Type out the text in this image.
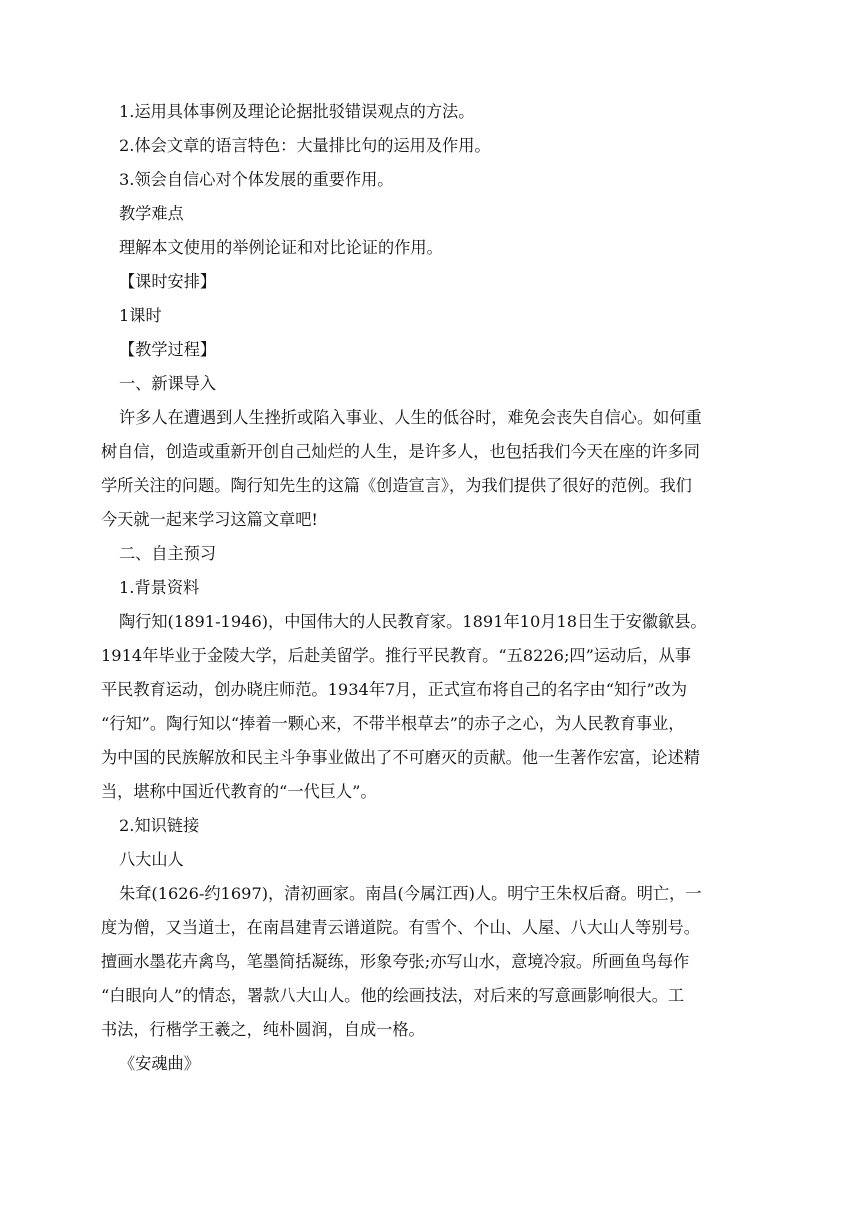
1.运用具体事例及理论论据批驳错误观点的方法。
2.体会文章的语言特色：大量排比句的运用及作用。
3.领会自信心对个体发展的重要作用。
教学难点
理解本文使用的举例论证和对比论证的作用。
【课时安排】
1课时
【教学过程】
一、新课导入
许多人在遭遇到人生挫折或陷入事业、人生的低谷时，难免会丧失自信心。如何重
树自信，创造或重新开创自己灿烂的人生，是许多人，也包括我们今天在座的许多同
学所关注的问题。陶行知先生的这篇《创造宣言》，为我们提供了很好的范例。我们
今天就一起来学习这篇文章吧!
二、自主预习
1.背景资料
陶行知(1891-1946)，中国伟大的人民教育家。1891年10月18日生于安徽歙县。
1914年毕业于金陵大学，后赴美留学。推行平民教育。“五8226;四”运动后，从事
平民教育运动，创办晓庄师范。1934年7月，正式宣布将自己的名字由“知行”改为
“行知”。陶行知以“捧着一颗心来，不带半根草去”的赤子之心，为人民教育事业，
为中国的民族解放和民主斗争事业做出了不可磨灭的贡献。他一生著作宏富，论述精
当，堪称中国近代教育的“一代巨人”。
2.知识链接
八大山人
朱耷(1626-约1697)，清初画家。南昌(今属江西)人。明宁王朱权后裔。明亡，一
度为僧，又当道士，在南昌建青云谱道院。有雪个、个山、人屋、八大山人等别号。
擅画水墨花卉禽鸟，笔墨简括凝练，形象夸张;亦写山水，意境冷寂。所画鱼鸟每作
“白眼向人”的情态，署款八大山人。他的绘画技法，对后来的写意画影响很大。工
书法，行楷学王羲之，纯朴圆润，自成一格。
《安魂曲》
